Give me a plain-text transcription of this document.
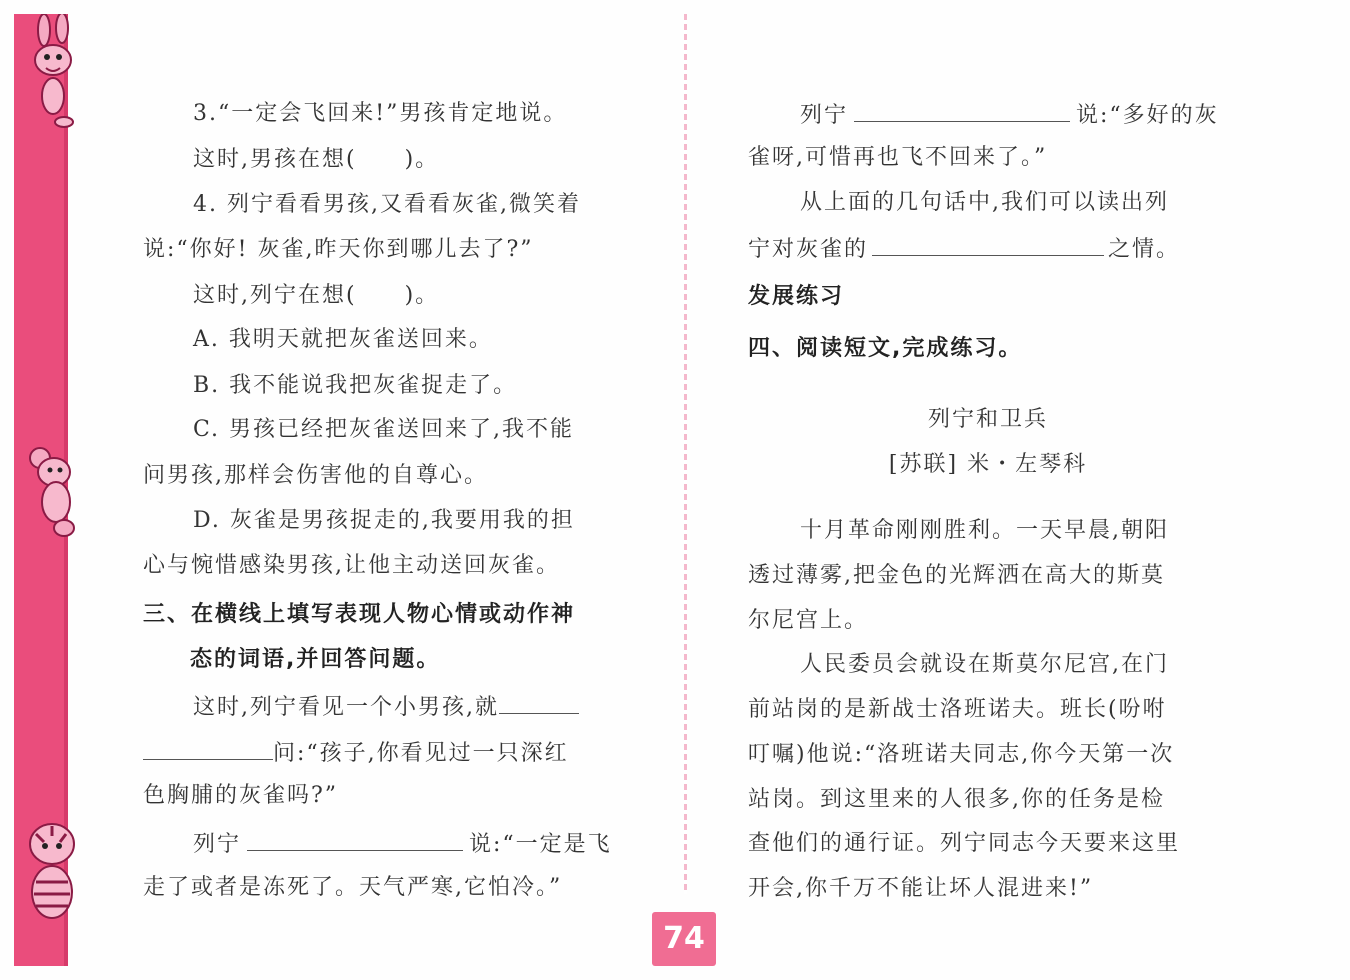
74
3.“一定会飞回来!”男孩肯定地说。
这时,男孩在想(　　)。
4. 列宁看看男孩,又看看灰雀,微笑着
说:“你好! 灰雀,昨天你到哪儿去了?”
这时,列宁在想(　　)。
A. 我明天就把灰雀送回来。
B. 我不能说我把灰雀捉走了。
C. 男孩已经把灰雀送回来了,我不能
问男孩,那样会伤害他的自尊心。
D. 灰雀是男孩捉走的,我要用我的担
心与惋惜感染男孩,让他主动送回灰雀。
三、在横线上填写表现人物心情或动作神
态的词语,并回答问题。
这时,列宁看见一个小男孩,就
问:“孩子,你看见过一只深红
色胸脯的灰雀吗?”
列宁	说:“一定是飞
走了或者是冻死了。天气严寒,它怕冷。”
列宁	说:“多好的灰
雀呀,可惜再也飞不回来了。”
从上面的几句话中,我们可以读出列
宁对灰雀的	之情。
发展练习
四、阅读短文,完成练习。
列宁和卫兵
[苏联] 米・左琴科
十月革命刚刚胜利。一天早晨,朝阳
透过薄雾,把金色的光辉洒在高大的斯莫
尔尼宫上。
人民委员会就设在斯莫尔尼宫,在门
前站岗的是新战士洛班诺夫。班长(吩咐
叮嘱)他说:“洛班诺夫同志,你今天第一次
站岗。到这里来的人很多,你的任务是检
查他们的通行证。列宁同志今天要来这里
开会,你千万不能让坏人混进来!”
